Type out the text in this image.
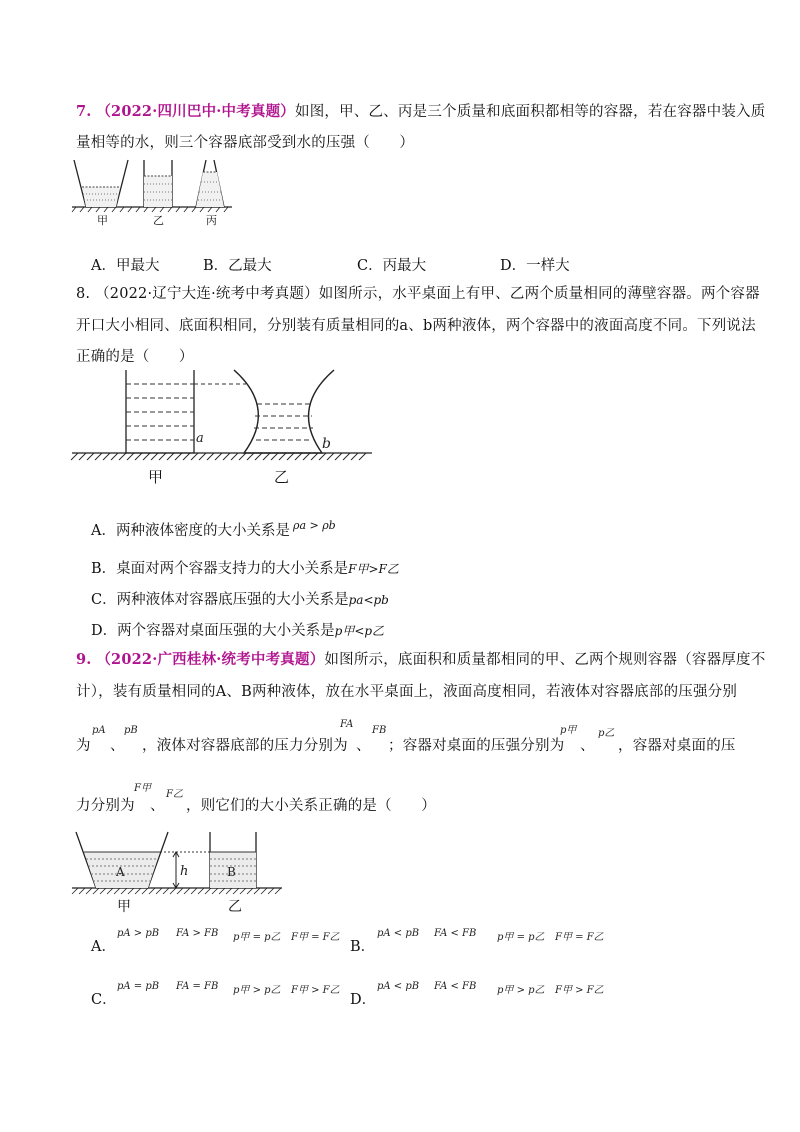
7. （2022·四川巴中·中考真题）如图，甲、乙、丙是三个质量和底面积都相等的容器，若在容器中装入质
量相等的水，则三个容器底部受到水的压强（　　）
甲	乙	丙
A．甲最大	B．乙最大	C．丙最大	D．一样大
8. （2022·辽宁大连·统考中考真题）如图所示，水平桌面上有甲、乙两个质量相同的薄壁容器。两个容器
开口大小相同、底面积相同，分别装有质量相同的a、b两种液体，两个容器中的液面高度不同。下列说法
正确的是（　　）
a	b
甲	乙
A．两种液体密度的大小关系是 $^{\rho a > \rho b}$
B．桌面对两个容器支持力的大小关系是F甲>F乙
C．两种液体对容器底压强的大小关系是pa<pb
D．两个容器对桌面压强的大小关系是p甲<p乙
9. （2022·广西桂林·统考中考真题）如图所示，底面积和质量都相同的甲、乙两个规则容器（容器厚度不
计），装有质量相同的A、B两种液体，放在水平桌面上，液面高度相同，若液体对容器底部的压强分别
为
pA
、
pB
，液体对容器底部的压力分别为
FA
、
FB
；容器对桌面的压强分别为
p甲
、
p乙
，容器对桌面的压
力分别为
F甲
、
F乙
，则它们的大小关系正确的是（　　）
A	B
h
甲	乙
A．
pA > pB FA > FB p甲 = p乙 F甲 = F乙
B．
pA < pB FA < FB p甲 = p乙 F甲 = F乙
C．
pA = pB FA = FB p甲 > p乙 F甲 > F乙
D．
pA < pB FA < FB p甲 > p乙 F甲 > F乙
